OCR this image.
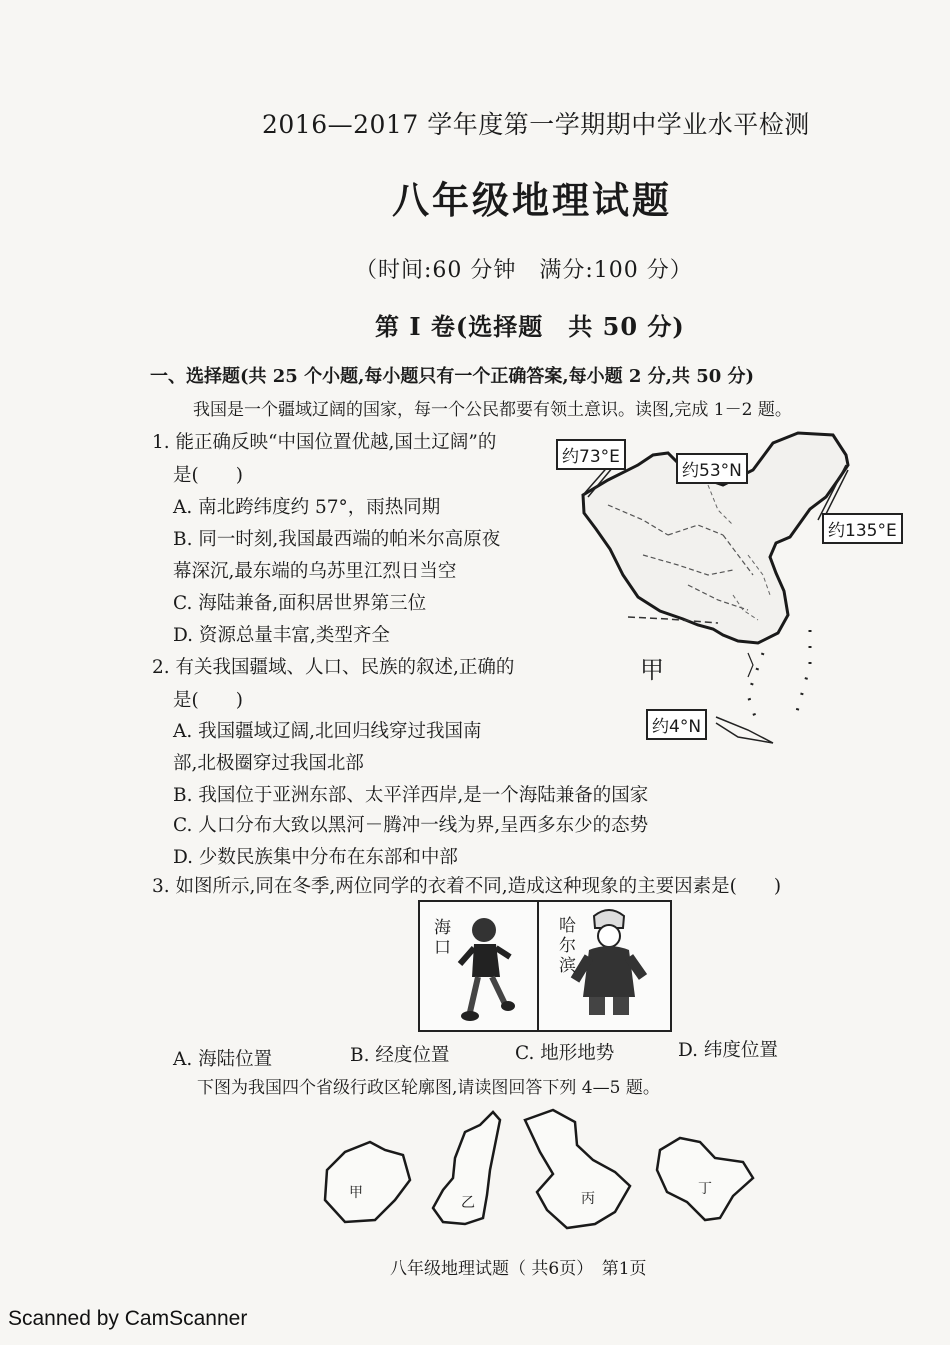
2016—2017 学年度第一学期期中学业水平检测
八年级地理试题
（时间:60 分钟　满分:100 分）
第 I 卷(选择题　共 50 分)
一、选择题(共 25 个小题,每小题只有一个正确答案,每小题 2 分,共 50 分)
我国是一个疆域辽阔的国家，每一个公民都要有领土意识。读图,完成 1－2 题。
1. 能正确反映“中国位置优越,国土辽阔”的
是(　　)
A. 南北跨纬度约 57°，雨热同期
B. 同一时刻,我国最西端的帕米尔高原夜
幕深沉,最东端的乌苏里江烈日当空
C. 海陆兼备,面积居世界第三位
D. 资源总量丰富,类型齐全
2. 有关我国疆域、人口、民族的叙述,正确的
是(　　)
A. 我国疆域辽阔,北回归线穿过我国南
部,北极圈穿过我国北部
B. 我国位于亚洲东部、太平洋西岸,是一个海陆兼备的国家
C. 人口分布大致以黑河－腾冲一线为界,呈西多东少的态势
D. 少数民族集中分布在东部和中部
约73°E
约53°N
约135°E
约4°N
甲
3. 如图所示,同在冬季,两位同学的衣着不同,造成这种现象的主要因素是(　　)
海口
哈尔滨
A. 海陆位置	B. 经度位置	C. 地形地势	D. 纬度位置
下图为我国四个省级行政区轮廓图,请读图回答下列 4—5 题。
甲
乙	丙
丁
八年级地理试题（ 共6页）　第1页
Scanned by CamScanner
